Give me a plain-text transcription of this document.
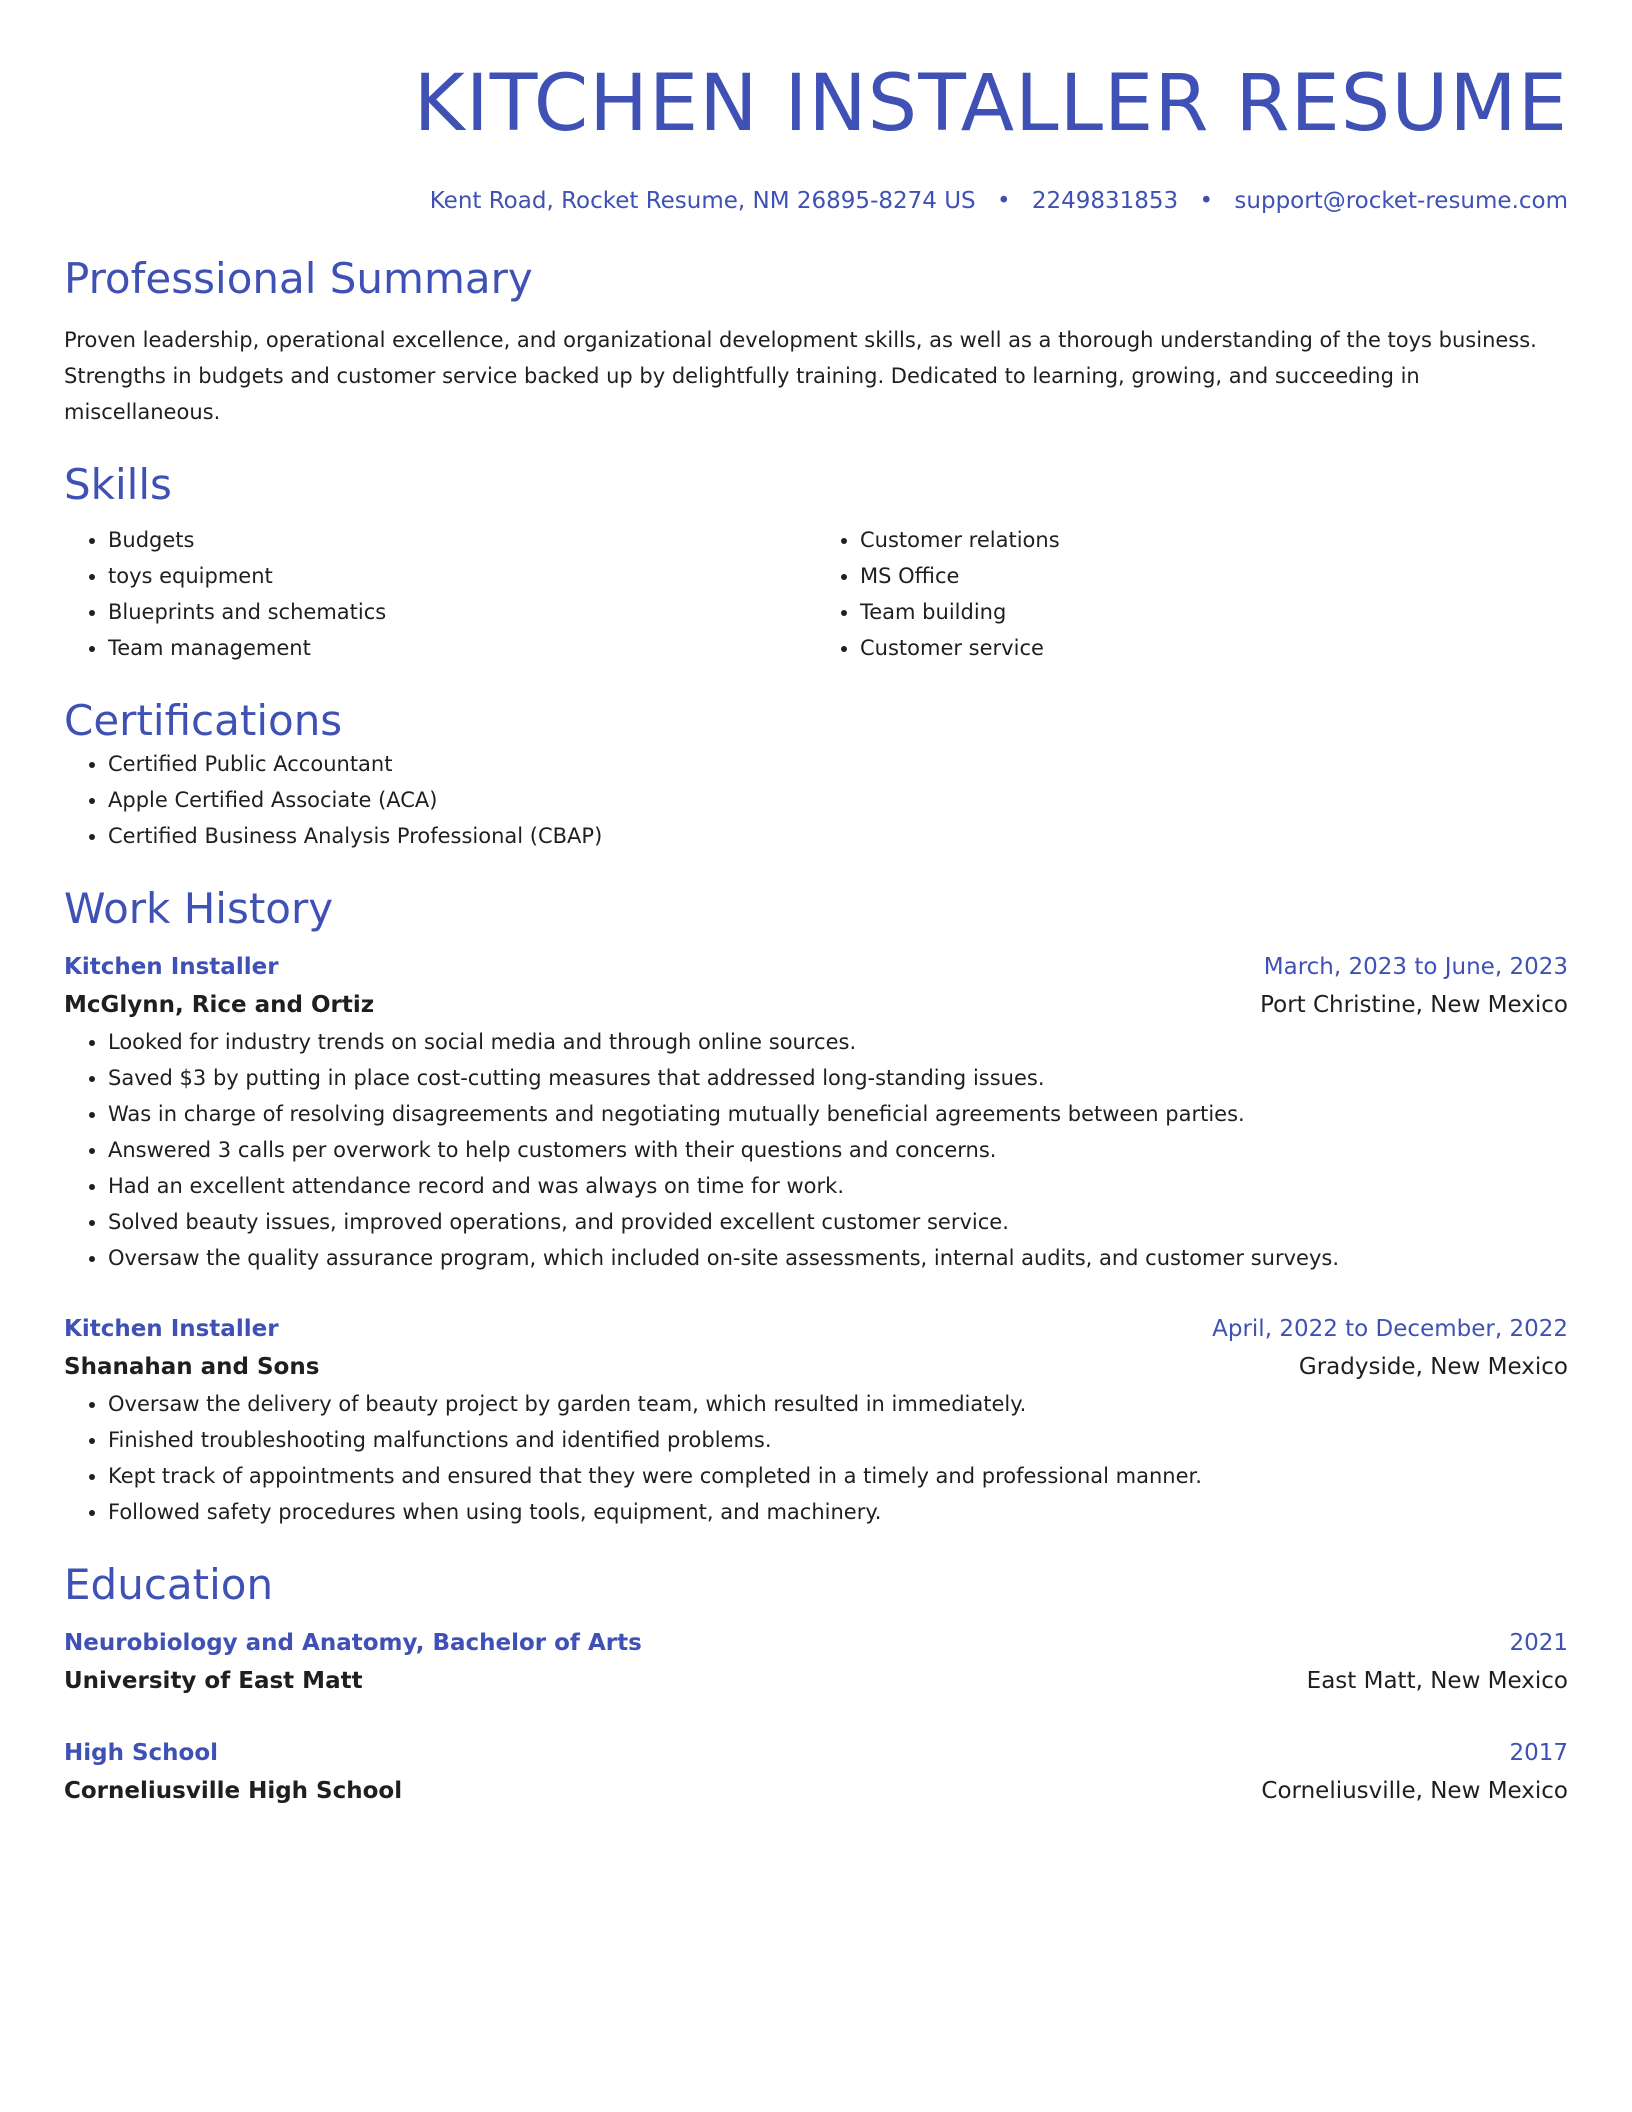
KITCHEN INSTALLER RESUME
Kent Road, Rocket Resume, NM 26895-8274 US • 2249831853 • support@rocket-resume.com
Professional Summary
Proven leadership, operational excellence, and organizational development skills, as well as a thorough understanding of the toys business. Strengths in budgets and customer service backed up by delightfully training. Dedicated to learning, growing, and succeeding in miscellaneous.
Skills
• Budgets
• toys equipment
• Blueprints and schematics
• Team management
• Customer relations
• MS Office
• Team building
• Customer service
Certifications
• Certified Public Accountant
• Apple Certified Associate (ACA)
• Certified Business Analysis Professional (CBAP)
Work History
Kitchen Installer	March, 2023 to June, 2023
McGlynn, Rice and Ortiz	Port Christine, New Mexico
• Looked for industry trends on social media and through online sources.
• Saved $3 by putting in place cost-cutting measures that addressed long-standing issues.
• Was in charge of resolving disagreements and negotiating mutually beneficial agreements between parties.
• Answered 3 calls per overwork to help customers with their questions and concerns.
• Had an excellent attendance record and was always on time for work.
• Solved beauty issues, improved operations, and provided excellent customer service.
• Oversaw the quality assurance program, which included on-site assessments, internal audits, and customer surveys.
Kitchen Installer	April, 2022 to December, 2022
Shanahan and Sons	Gradyside, New Mexico
• Oversaw the delivery of beauty project by garden team, which resulted in immediately.
• Finished troubleshooting malfunctions and identified problems.
• Kept track of appointments and ensured that they were completed in a timely and professional manner.
• Followed safety procedures when using tools, equipment, and machinery.
Education
Neurobiology and Anatomy, Bachelor of Arts	2021
University of East Matt	East Matt, New Mexico
High School	2017
Corneliusville High School	Corneliusville, New Mexico
